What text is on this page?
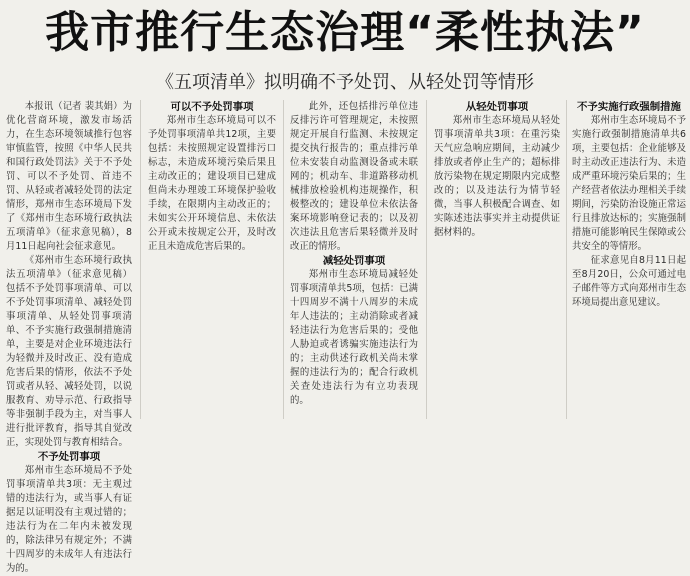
我市推行生态治理“柔性执法”
《五项清单》拟明确不予处罚、从轻处罚等情形

本报讯（记者 裴其娟）为优化营商环境，激发市场活力，在生态环境领域推行包容审慎监管，按照《中华人民共和国行政处罚法》关于不予处罚、可以不予处罚、首违不罚、从轻或者减轻处罚的法定情形，郑州市生态环境局下发了《郑州市生态环境行政执法五项清单》（征求意见稿），8月11日起向社会征求意见。

《郑州市生态环境行政执法五项清单》（征求意见稿）包括不予处罚事项清单、可以不予处罚事项清单、减轻处罚事项清单、从轻处罚事项清单、不予实施行政强制措施清单，主要是对企业环境违法行为轻微并及时改正、没有造成危害后果的情形，依法不予处罚或者从轻、减轻处罚，以说服教育、劝导示范、行政指导等非强制手段为主，对当事人进行批评教育，指导其自觉改正，实现处罚与教育相结合。

不予处罚事项

郑州市生态环境局不予处罚事项清单共3项：无主观过错的违法行为，或当事人有证据足以证明没有主观过错的；违法行为在二年内未被发现的，除法律另有规定外；不满十四周岁的未成年人有违法行为的。

可以不予处罚事项

郑州市生态环境局可以不予处罚事项清单共12项，主要包括：未按照规定设置排污口标志，未造成环境污染后果且主动改正的；建设项目已建成但尚未办理竣工环境保护验收手续，在限期内主动改正的；未如实公开环境信息、未依法公开或未按规定公开，及时改正且未造成危害后果的。

此外，还包括排污单位违反排污许可管理规定，未按照规定开展自行监测、未按规定提交执行报告的；重点排污单位未安装自动监测设备或未联网的；机动车、非道路移动机械排放检验机构违规操作，积极整改的；建设单位未依法备案环境影响登记表的；以及初次违法且危害后果轻微并及时改正的情形。

减轻处罚事项

郑州市生态环境局减轻处罚事项清单共5项，包括：已满十四周岁不满十八周岁的未成年人违法的；主动消除或者减轻违法行为危害后果的；受他人胁迫或者诱骗实施违法行为的；主动供述行政机关尚未掌握的违法行为的；配合行政机关查处违法行为有立功表现的。

从轻处罚事项

郑州市生态环境局从轻处罚事项清单共3项：在重污染天气应急响应期间，主动减少排放或者停止生产的；超标排放污染物在规定期限内完成整改的；以及违法行为情节轻微，当事人积极配合调查、如实陈述违法事实并主动提供证据材料的。

不予实施行政强制措施

郑州市生态环境局不予实施行政强制措施清单共6项，主要包括：企业能够及时主动改正违法行为、未造成严重环境污染后果的；生产经营者依法办理相关手续期间，污染防治设施正常运行且排放达标的；实施强制措施可能影响民生保障或公共安全的等情形。

征求意见自8月11日起至8月20日，公众可通过电子邮件等方式向郑州市生态环境局提出意见建议。
